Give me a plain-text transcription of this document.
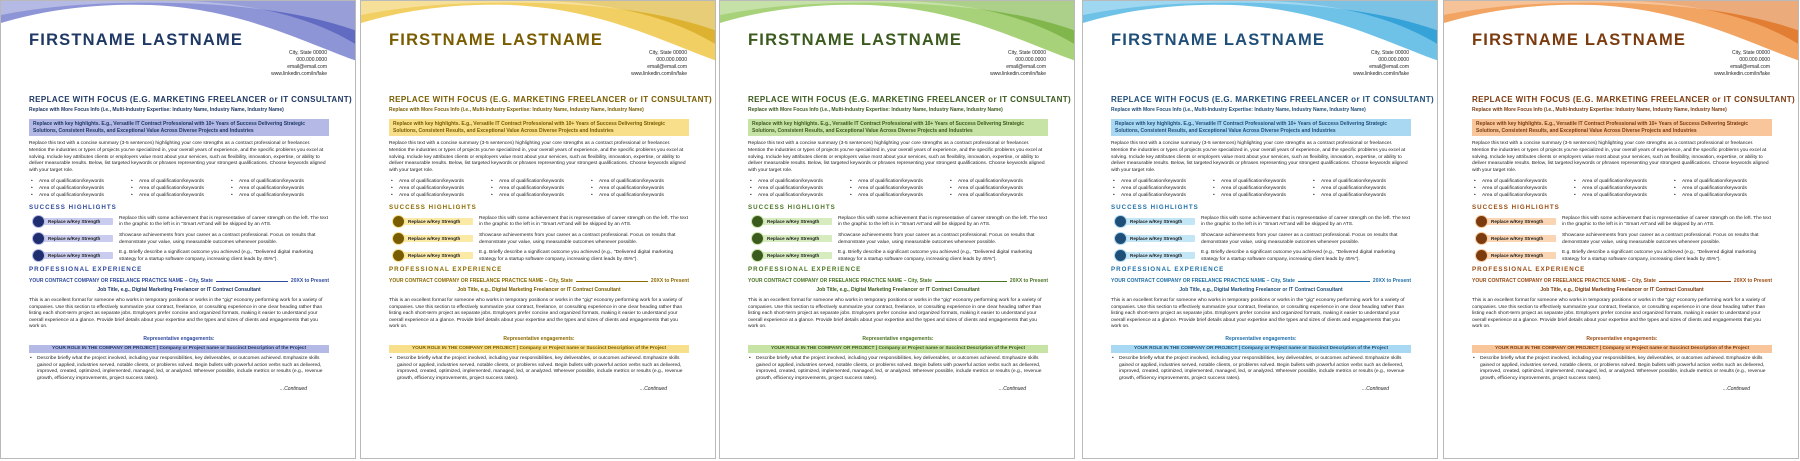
FIRSTNAME LASTNAME
City, State 00000
000.000.0000
email@email.com
www.linkedin.com/in/fake
REPLACE WITH FOCUS (E.G. MARKETING FREELANCER or IT CONSULTANT)
Replace with More Focus Info (i.e., Multi-Industry Expertise: Industry Name, Industry Name, Industry Name)
Replace with key highlights. E.g., Versatile IT Contract Professional with 10+ Years of Success Delivering Strategic Solutions, Consistent Results, and Exceptional Value Across Diverse Projects and Industries
Replace this text with a concise summary (3-5 sentences) highlighting your core strengths as a contract professional or freelancer. Mention the industries or types of projects you've specialized in, your overall years of experience, and the specific problems you excel at solving. Include key attributes clients or employers value most about your services, such as flexibility, innovation, expertise, or ability to deliver measurable results. Below, list targeted keywords or phrases representing your strongest qualifications. Choose keywords aligned with your target role.
• Area of qualification/keywords	• Area of qualification/keywords	• Area of qualification/keywords
• Area of qualification/keywords	• Area of qualification/keywords	• Area of qualification/keywords
• Area of qualification/keywords	• Area of qualification/keywords	• Area of qualification/keywords
SUCCESS HIGHLIGHTS
Replace w/Key Strength
Replace this with some achievement that is representative of career strength on the left. The text in the graphic to the left is in "Smart Art"and will be skipped by an ATS.
Replace w/Key Strength
Showcase achievements from your career as a contract professional. Focus on results that demonstrate your value, using measurable outcomes whenever possible.
Replace w/Key Strength
E.g. Briefly describe a significant outcome you achieved (e.g., "Delivered digital marketing strategy for a startup software company, increasing client leads by 45%").
PROFESSIONAL EXPERIENCE
YOUR CONTRACT COMPANY OR FREELANCE PRACTICE NAME – City, State	20XX to Present
Job Title, e.g., Digital Marketing Freelancer or IT Contract Consultant
This is an excellent format for someone who works in temporary positions or works in the "gig" economy performing work for a variety of companies. Use this section to effectively summarize your contract, freelance, or consulting experience in one clear heading rather than listing each short-term project as separate jobs. Employers prefer concise and organized formats, making it easier to understand your overall experience at a glance. Provide brief details about your expertise and the types and sizes of clients and engagements that you work on.
Representative engagements:
YOUR ROLE IN THE COMPANY OR PROJECT | Company or Project name or Succinct Description of the Project
• Describe briefly what the project involved, including your responsibilities, key deliverables, or outcomes achieved. Emphasize skills gained or applied, industries served, notable clients, or problems solved. Begin bullets with powerful action verbs such as delivered, improved, created, optimized, implemented, managed, led, or analyzed. Wherever possible, include metrics or results (e.g., revenue growth, efficiency improvements, project success rates).
...Continued
FIRSTNAME LASTNAME
City, State 00000
000.000.0000
email@email.com
www.linkedin.com/in/fake
REPLACE WITH FOCUS (E.G. MARKETING FREELANCER or IT CONSULTANT)
Replace with More Focus Info (i.e., Multi-Industry Expertise: Industry Name, Industry Name, Industry Name)
Replace with key highlights. E.g., Versatile IT Contract Professional with 10+ Years of Success Delivering Strategic Solutions, Consistent Results, and Exceptional Value Across Diverse Projects and Industries
Replace this text with a concise summary (3-5 sentences) highlighting your core strengths as a contract professional or freelancer. Mention the industries or types of projects you've specialized in, your overall years of experience, and the specific problems you excel at solving. Include key attributes clients or employers value most about your services, such as flexibility, innovation, expertise, or ability to deliver measurable results. Below, list targeted keywords or phrases representing your strongest qualifications. Choose keywords aligned with your target role.
• Area of qualification/keywords	• Area of qualification/keywords	• Area of qualification/keywords
• Area of qualification/keywords	• Area of qualification/keywords	• Area of qualification/keywords
• Area of qualification/keywords	• Area of qualification/keywords	• Area of qualification/keywords
SUCCESS HIGHLIGHTS
Replace w/Key Strength
Replace this with some achievement that is representative of career strength on the left. The text in the graphic to the left is in "Smart Art"and will be skipped by an ATS.
Replace w/Key Strength
Showcase achievements from your career as a contract professional. Focus on results that demonstrate your value, using measurable outcomes whenever possible.
Replace w/Key Strength
E.g. Briefly describe a significant outcome you achieved (e.g., "Delivered digital marketing strategy for a startup software company, increasing client leads by 45%").
PROFESSIONAL EXPERIENCE
YOUR CONTRACT COMPANY OR FREELANCE PRACTICE NAME – City, State	20XX to Present
Job Title, e.g., Digital Marketing Freelancer or IT Contract Consultant
This is an excellent format for someone who works in temporary positions or works in the "gig" economy performing work for a variety of companies. Use this section to effectively summarize your contract, freelance, or consulting experience in one clear heading rather than listing each short-term project as separate jobs. Employers prefer concise and organized formats, making it easier to understand your overall experience at a glance. Provide brief details about your expertise and the types and sizes of clients and engagements that you work on.
Representative engagements:
YOUR ROLE IN THE COMPANY OR PROJECT | Company or Project name or Succinct Description of the Project
• Describe briefly what the project involved, including your responsibilities, key deliverables, or outcomes achieved. Emphasize skills gained or applied, industries served, notable clients, or problems solved. Begin bullets with powerful action verbs such as delivered, improved, created, optimized, implemented, managed, led, or analyzed. Wherever possible, include metrics or results (e.g., revenue growth, efficiency improvements, project success rates).
...Continued
FIRSTNAME LASTNAME
City, State 00000
000.000.0000
email@email.com
www.linkedin.com/in/fake
REPLACE WITH FOCUS (E.G. MARKETING FREELANCER or IT CONSULTANT)
Replace with More Focus Info (i.e., Multi-Industry Expertise: Industry Name, Industry Name, Industry Name)
Replace with key highlights. E.g., Versatile IT Contract Professional with 10+ Years of Success Delivering Strategic Solutions, Consistent Results, and Exceptional Value Across Diverse Projects and Industries
Replace this text with a concise summary (3-5 sentences) highlighting your core strengths as a contract professional or freelancer. Mention the industries or types of projects you've specialized in, your overall years of experience, and the specific problems you excel at solving. Include key attributes clients or employers value most about your services, such as flexibility, innovation, expertise, or ability to deliver measurable results. Below, list targeted keywords or phrases representing your strongest qualifications. Choose keywords aligned with your target role.
• Area of qualification/keywords	• Area of qualification/keywords	• Area of qualification/keywords
• Area of qualification/keywords	• Area of qualification/keywords	• Area of qualification/keywords
• Area of qualification/keywords	• Area of qualification/keywords	• Area of qualification/keywords
SUCCESS HIGHLIGHTS
Replace w/Key Strength
Replace this with some achievement that is representative of career strength on the left. The text in the graphic to the left is in "Smart Art"and will be skipped by an ATS.
Replace w/Key Strength
Showcase achievements from your career as a contract professional. Focus on results that demonstrate your value, using measurable outcomes whenever possible.
Replace w/Key Strength
E.g. Briefly describe a significant outcome you achieved (e.g., "Delivered digital marketing strategy for a startup software company, increasing client leads by 45%").
PROFESSIONAL EXPERIENCE
YOUR CONTRACT COMPANY OR FREELANCE PRACTICE NAME – City, State	20XX to Present
Job Title, e.g., Digital Marketing Freelancer or IT Contract Consultant
This is an excellent format for someone who works in temporary positions or works in the "gig" economy performing work for a variety of companies. Use this section to effectively summarize your contract, freelance, or consulting experience in one clear heading rather than listing each short-term project as separate jobs. Employers prefer concise and organized formats, making it easier to understand your overall experience at a glance. Provide brief details about your expertise and the types and sizes of clients and engagements that you work on.
Representative engagements:
YOUR ROLE IN THE COMPANY OR PROJECT | Company or Project name or Succinct Description of the Project
• Describe briefly what the project involved, including your responsibilities, key deliverables, or outcomes achieved. Emphasize skills gained or applied, industries served, notable clients, or problems solved. Begin bullets with powerful action verbs such as delivered, improved, created, optimized, implemented, managed, led, or analyzed. Wherever possible, include metrics or results (e.g., revenue growth, efficiency improvements, project success rates).
...Continued
FIRSTNAME LASTNAME
City, State 00000
000.000.0000
email@email.com
www.linkedin.com/in/fake
REPLACE WITH FOCUS (E.G. MARKETING FREELANCER or IT CONSULTANT)
Replace with More Focus Info (i.e., Multi-Industry Expertise: Industry Name, Industry Name, Industry Name)
Replace with key highlights. E.g., Versatile IT Contract Professional with 10+ Years of Success Delivering Strategic Solutions, Consistent Results, and Exceptional Value Across Diverse Projects and Industries
Replace this text with a concise summary (3-5 sentences) highlighting your core strengths as a contract professional or freelancer. Mention the industries or types of projects you've specialized in, your overall years of experience, and the specific problems you excel at solving. Include key attributes clients or employers value most about your services, such as flexibility, innovation, expertise, or ability to deliver measurable results. Below, list targeted keywords or phrases representing your strongest qualifications. Choose keywords aligned with your target role.
• Area of qualification/keywords	• Area of qualification/keywords	• Area of qualification/keywords
• Area of qualification/keywords	• Area of qualification/keywords	• Area of qualification/keywords
• Area of qualification/keywords	• Area of qualification/keywords	• Area of qualification/keywords
SUCCESS HIGHLIGHTS
Replace w/Key Strength
Replace this with some achievement that is representative of career strength on the left. The text in the graphic to the left is in "Smart Art"and will be skipped by an ATS.
Replace w/Key Strength
Showcase achievements from your career as a contract professional. Focus on results that demonstrate your value, using measurable outcomes whenever possible.
Replace w/Key Strength
E.g. Briefly describe a significant outcome you achieved (e.g., "Delivered digital marketing strategy for a startup software company, increasing client leads by 45%").
PROFESSIONAL EXPERIENCE
YOUR CONTRACT COMPANY OR FREELANCE PRACTICE NAME – City, State	20XX to Present
Job Title, e.g., Digital Marketing Freelancer or IT Contract Consultant
This is an excellent format for someone who works in temporary positions or works in the "gig" economy performing work for a variety of companies. Use this section to effectively summarize your contract, freelance, or consulting experience in one clear heading rather than listing each short-term project as separate jobs. Employers prefer concise and organized formats, making it easier to understand your overall experience at a glance. Provide brief details about your expertise and the types and sizes of clients and engagements that you work on.
Representative engagements:
YOUR ROLE IN THE COMPANY OR PROJECT | Company or Project name or Succinct Description of the Project
• Describe briefly what the project involved, including your responsibilities, key deliverables, or outcomes achieved. Emphasize skills gained or applied, industries served, notable clients, or problems solved. Begin bullets with powerful action verbs such as delivered, improved, created, optimized, implemented, managed, led, or analyzed. Wherever possible, include metrics or results (e.g., revenue growth, efficiency improvements, project success rates).
...Continued
FIRSTNAME LASTNAME
City, State 00000
000.000.0000
email@email.com
www.linkedin.com/in/fake
REPLACE WITH FOCUS (E.G. MARKETING FREELANCER or IT CONSULTANT)
Replace with More Focus Info (i.e., Multi-Industry Expertise: Industry Name, Industry Name, Industry Name)
Replace with key highlights. E.g., Versatile IT Contract Professional with 10+ Years of Success Delivering Strategic Solutions, Consistent Results, and Exceptional Value Across Diverse Projects and Industries
Replace this text with a concise summary (3-5 sentences) highlighting your core strengths as a contract professional or freelancer. Mention the industries or types of projects you've specialized in, your overall years of experience, and the specific problems you excel at solving. Include key attributes clients or employers value most about your services, such as flexibility, innovation, expertise, or ability to deliver measurable results. Below, list targeted keywords or phrases representing your strongest qualifications. Choose keywords aligned with your target role.
• Area of qualification/keywords	• Area of qualification/keywords	• Area of qualification/keywords
• Area of qualification/keywords	• Area of qualification/keywords	• Area of qualification/keywords
• Area of qualification/keywords	• Area of qualification/keywords	• Area of qualification/keywords
SUCCESS HIGHLIGHTS
Replace w/Key Strength
Replace this with some achievement that is representative of career strength on the left. The text in the graphic to the left is in "Smart Art"and will be skipped by an ATS.
Replace w/Key Strength
Showcase achievements from your career as a contract professional. Focus on results that demonstrate your value, using measurable outcomes whenever possible.
Replace w/Key Strength
E.g. Briefly describe a significant outcome you achieved (e.g., "Delivered digital marketing strategy for a startup software company, increasing client leads by 45%").
PROFESSIONAL EXPERIENCE
YOUR CONTRACT COMPANY OR FREELANCE PRACTICE NAME – City, State	20XX to Present
Job Title, e.g., Digital Marketing Freelancer or IT Contract Consultant
This is an excellent format for someone who works in temporary positions or works in the "gig" economy performing work for a variety of companies. Use this section to effectively summarize your contract, freelance, or consulting experience in one clear heading rather than listing each short-term project as separate jobs. Employers prefer concise and organized formats, making it easier to understand your overall experience at a glance. Provide brief details about your expertise and the types and sizes of clients and engagements that you work on.
Representative engagements:
YOUR ROLE IN THE COMPANY OR PROJECT | Company or Project name or Succinct Description of the Project
• Describe briefly what the project involved, including your responsibilities, key deliverables, or outcomes achieved. Emphasize skills gained or applied, industries served, notable clients, or problems solved. Begin bullets with powerful action verbs such as delivered, improved, created, optimized, implemented, managed, led, or analyzed. Wherever possible, include metrics or results (e.g., revenue growth, efficiency improvements, project success rates).
...Continued
